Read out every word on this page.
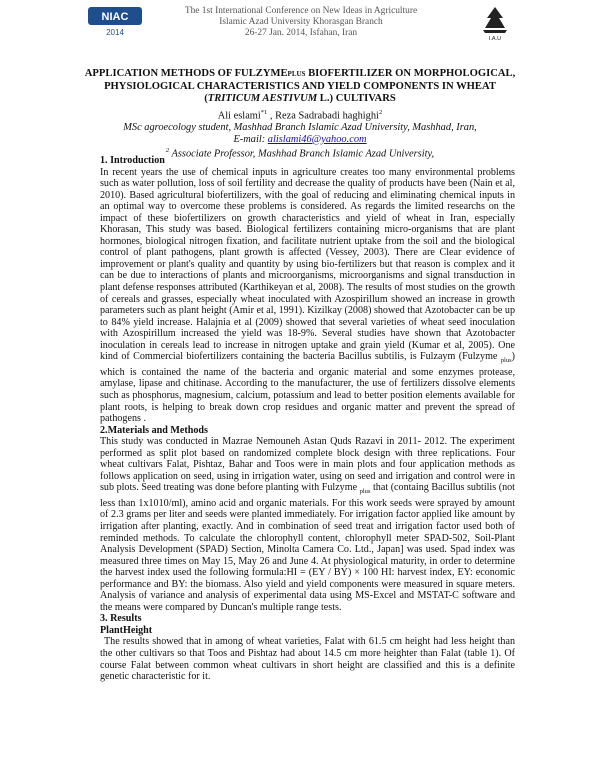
NIAC
2014
The 1st International Conference on New Ideas in Agriculture
Islamic Azad University Khorasgan Branch
26-27 Jan. 2014, Isfahan, Iran
I.A.U
APPLICATION METHODS OF FULZYMEPLUS BIOFERTILIZER ON MORPHOLOGICAL,
PHYSIOLOGICAL CHARACTERISTICS AND YIELD COMPONENTS IN WHEAT
(TRITICUM AESTIVUM L.) CULTIVARS
Ali eslami$^{*1}$ , Reza Sadrabadi haghighi$^2$
MSc agroecology student, Mashhad Branch Islamic Azad University, Mashhad, Iran,
E-mail: alislami46@yahoo.com
$^2$ Associate Professor, Mashhad Branch Islamic Azad University,

1. Introduction

In recent years the use of chemical inputs in agriculture creates too many environmental problems such as water pollution, loss of soil fertility and decrease the quality of products have been (Nain et al, 2010). Based agricultural biofertilizers, with the goal of reducing and eliminating chemical inputs in an optimal way to overcome these problems is considered. As regards the limited researchs on the impact of these biofertilizers on growth characteristics and yield of wheat in Iran, especially Khorasan, This study was based. Biological fertilizers containing micro-organisms that are plant hormones, biological nitrogen fixation, and facilitate nutrient uptake from the soil and the biological control of plant pathogens, plant growth is affected (Vessey, 2003). There are Clear evidence of improvement or plant's quality and quantity by using bio-fertilizers but that reason is complex and it can be due to interactions of plants and microorganisms, microorganisms and signal transduction in plant defense responses attributed (Karthikeyan et al, 2008). The results of most studies on the growth of cereals and grasses, especially wheat inoculated with Azospirillum showed an increase in growth parameters such as plant height (Amir et al, 1991). Kizilkay (2008) showed that Azotobacter can be up to 84% yield increase. Halajnia et al (2009) showed that several varieties of wheat seed inoculation with Azospirillum increased the yield was 18-9%. Several studies have shown that Azotobacter inoculation in cereals lead to increase in nitrogen uptake and grain yield (Kumar et al, 2005). One kind of Commercial biofertilizers containing the bacteria Bacillus subtilis, is Fulzaym (Fulzyme $_{plus}$) which is contained the name of the bacteria and organic material and some enzymes protease, amylase, lipase and chitinase. According to the manufacturer, the use of fertilizers dissolve elements such as phosphorus, magnesium, calcium, potassium and lead to better position elements available for plant roots, is helping to break down crop residues and organic matter and prevent the spread of pathogens .

2.Materials and Methods

This study was conducted in Mazrae Nemouneh Astan Quds Razavi in 2011- 2012. The experiment performed as split plot based on randomized complete block design with three replications. Four wheat cultivars Falat, Pishtaz, Bahar and Toos were in main plots and four application methods as follows application on seed, using in irrigation water, using on seed and irrigation and control were in sub plots. Seed treating was done before planting with Fulzyme $_{plus}$ that (containg Bacillus subtilis (not less than 1x1010/ml), amino acid and organic materials. For this work seeds were sprayed by amount of 2.3 grams per liter and seeds were planted immediately. For irrigation factor applied like amount by irrigation after planting, exactly. And in combination of seed treat and irrigation factor used both of reminded methods. To calculate the chlorophyll content, chlorophyll meter SPAD-502, Soil-Plant Analysis Development (SPAD) Section, Minolta Camera Co. Ltd., Japan] was used. Spad index was measured three times on May 15, May 26 and June 4. At physiological maturity, in order to determine the harvest index used the following formula:HI = (EY / BY) × 100 HI: harvest index, EY: economic performance and BY: the biomass. Also yield and yield components were measured in square meters. Analysis of variance and analysis of experimental data using MS-Excel and MSTAT-C software and the means were compared by Duncan's multiple range tests.

3. Results

PlantHeight

The results showed that in among of wheat varieties, Falat with 61.5 cm height had less height than the other cultivars so that Toos and Pishtaz had about 14.5 cm more heighter than Falat (table 1). Of course Falat between common wheat cultivars in short height are classified and this is a definite genetic characteristic for it.
